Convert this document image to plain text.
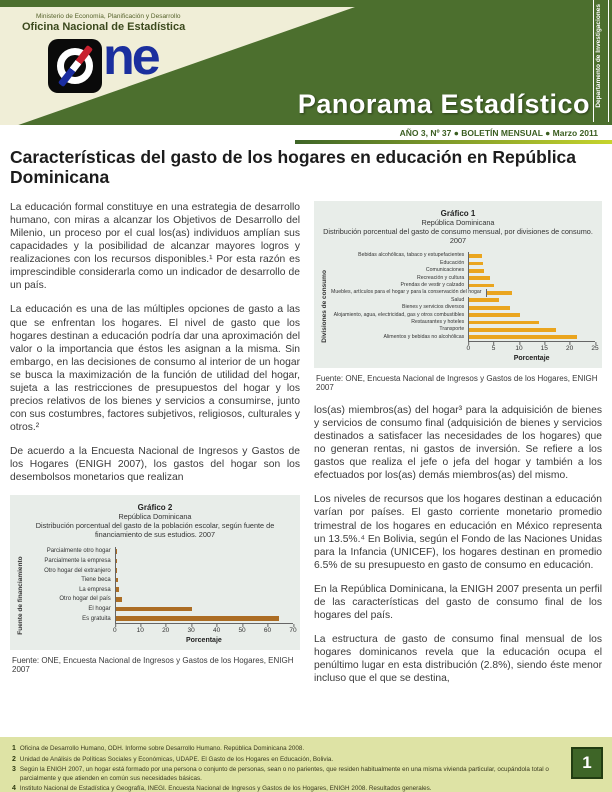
Ministerio de Economía, Planificación y Desarrollo
Oficina Nacional de Estadística
ne
Panorama Estadístico Departamento de Investigaciones
AÑO 3, Nº 37 ● BOLETÍN MENSUAL ● Marzo 2011
Características del gasto de los hogares en educación en República Dominicana

La educación formal constituye en una estrategia de desarrollo humano, con miras a alcanzar los Objetivos de Desarrollo del Milenio, un proceso por el cual los(as) individuos amplían sus capacidades y la posibilidad de alcanzar mayores logros y realizaciones con los recursos disponibles.¹ Por esta razón es imprescindible considerarla como un indicador de desarrollo de un país.

La educación es una de las múltiples opciones de gasto a las que se enfrentan los hogares. El nivel de gasto que los hogares destinan a educación podría dar una aproximación del valor o la importancia que éstos les asignan a la misma. Sin embargo, en las decisiones de consumo al interior de un hogar se busca la maximización de la función de utilidad del hogar, sujeta a las restricciones de presupuestos del hogar y los precios relativos de los bienes y servicios a consumirse, junto con sus costumbres, factores subjetivos, religiosos, culturales y otros.²

De acuerdo a la Encuesta Nacional de Ingresos y Gastos de los Hogares (ENIGH 2007), los gastos del hogar son los desembolsos monetarios que realizan

Gráfico 2
República Dominicana
Distribución porcentual del gasto de la población escolar, según fuente de financiamiento de sus estudios. 2007
Fuente de financiamiento
Parcialmente otro hogar
Parcialmente la empresa
Otro hogar del extranjero
Tiene beca
La empresa
Otro hogar del país
El hogar
Es gratuita
0	10	20	30	40	50	60	70
Porcentaje
Fuente: ONE, Encuesta Nacional de Ingresos y Gastos de los Hogares, ENIGH 2007
Gráfico 1
República Dominicana
Distribución porcentual del gasto de consumo mensual, por divisiones de consumo. 2007
Divisiones de consumo
Bebidas alcohólicas, tabaco y estupefacientes
Educación
Comunicaciones
Recreación y cultura
Prendas de vestir y calzado
Muebles, artículos para el hogar y para la conservación del hogar
Salud
Bienes y servicios diversos
Alojamiento, agua, electricidad, gas y otros combustibles
Restaurantes y hoteles
Transporte
Alimentos y bebidas no alcohólicas
0	5	10	15	20	25
Porcentaje
Fuente: ONE, Encuesta Nacional de Ingresos y Gastos de los Hogares, ENIGH 2007

los(as) miembros(as) del hogar³ para la adquisición de bienes y servicios de consumo final (adquisición de bienes y servicios destinados a satisfacer las necesidades de los hogares) que no generan rentas, ni gastos de inversión. Se refiere a los gastos que realiza el jefe o jefa del hogar y también a los efectuados por los(as) demás miembros(as) del mismo.

Los niveles de recursos que los hogares destinan a educación varían por países. El gasto corriente monetario promedio trimestral de los hogares en educación en México representa un 13.5%.⁴ En Bolivia, según el Fondo de las Naciones Unidas para la Infancia (UNICEF), los hogares destinan en promedio 6.5% de su presupuesto en gasto de consumo en educación.

En la República Dominicana, la ENIGH 2007 presenta un perfil de las características del gasto de consumo final de los hogares del país.

La estructura de gasto de consumo final mensual de los hogares dominicanos revela que la educación ocupa el penúltimo lugar en esta distribución (2.8%), siendo éste menor incluso que el que se destina,

1 Oficina de Desarrollo Humano, ODH. Informe sobre Desarrollo Humano. República Dominicana 2008.
2 Unidad de Análisis de Políticas Sociales y Económicas, UDAPE. El Gasto de los Hogares en Educación, Bolivia.
3 Según la ENIGH 2007, un hogar está formado por una persona o conjunto de personas, sean o no parientes, que residen habitualmente en una misma vivienda particular, ocupándola total o parcialmente y que atienden en común sus necesidades básicas.
4 Instituto Nacional de Estadística y Geografía, INEGI. Encuesta Nacional de Ingresos y Gastos de los Hogares, ENIGH 2008. Resultados generales.
1
